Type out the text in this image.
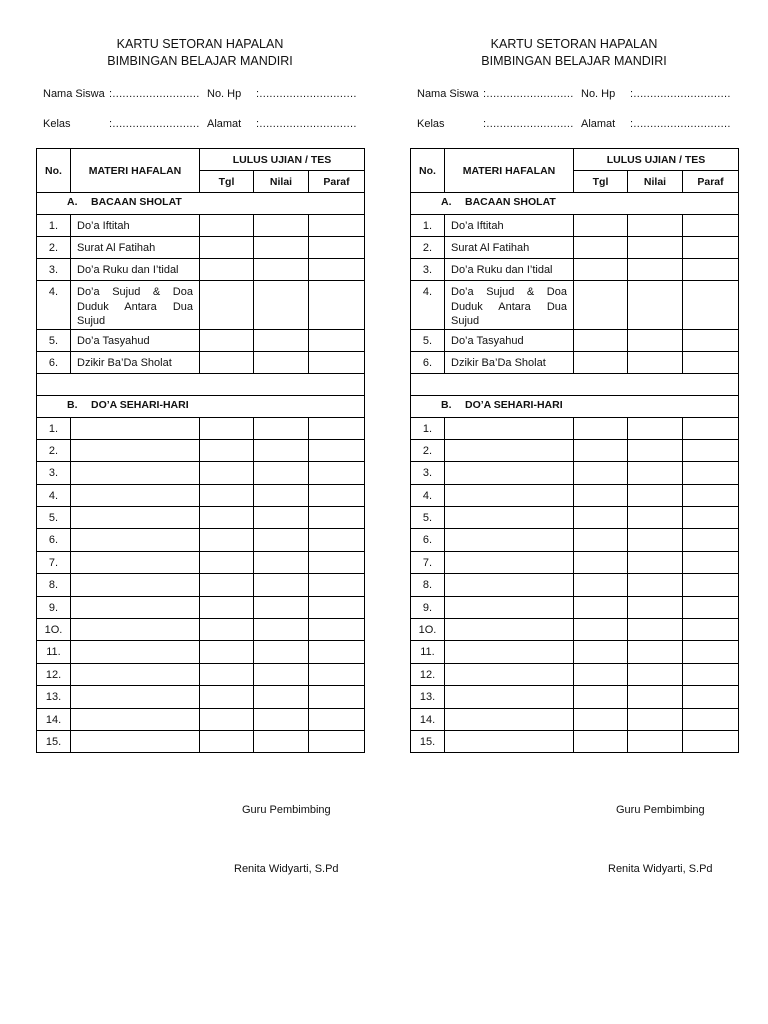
KARTU SETORAN HAPALAN
BIMBINGAN BELAJAR MANDIRI
Nama Siswa :.......................... No. Hp :.............................
Kelas	:.......................... Alamat :.............................
No.	MATERI HAFALAN	LULUS UJIAN / TES		
		Tgl	Nilai	Paraf
A. BACAAN SHOLAT				
1.	Do’a Iftitah			
2.	Surat Al Fatihah			
3.	Do’a Ruku dan I’tidal			
4.	Do’a Sujud & Doa Duduk Antara Dua Sujud			
5.	Do’a Tasyahud			
6.	Dzikir Ba’Da Sholat			

B. DO’A SEHARI-HARI				
1.				
2.				
3.				
4.				
5.				
6.				
7.				
8.				
9.				
1O.				
11.				
12.				
13.				
14.				
15.				
Guru Pembimbing
Renita Widyarti, S.Pd
KARTU SETORAN HAPALAN
BIMBINGAN BELAJAR MANDIRI
Nama Siswa :.......................... No. Hp :.............................
Kelas	:.......................... Alamat :.............................
No.	MATERI HAFALAN	LULUS UJIAN / TES		
		Tgl	Nilai	Paraf
A. BACAAN SHOLAT				
1.	Do’a Iftitah			
2.	Surat Al Fatihah			
3.	Do’a Ruku dan I’tidal			
4.	Do’a Sujud & Doa Duduk Antara Dua Sujud			
5.	Do’a Tasyahud			
6.	Dzikir Ba’Da Sholat			

B. DO’A SEHARI-HARI				
1.				
2.				
3.				
4.				
5.				
6.				
7.				
8.				
9.				
1O.				
11.				
12.				
13.				
14.				
15.				
Guru Pembimbing
Renita Widyarti, S.Pd
